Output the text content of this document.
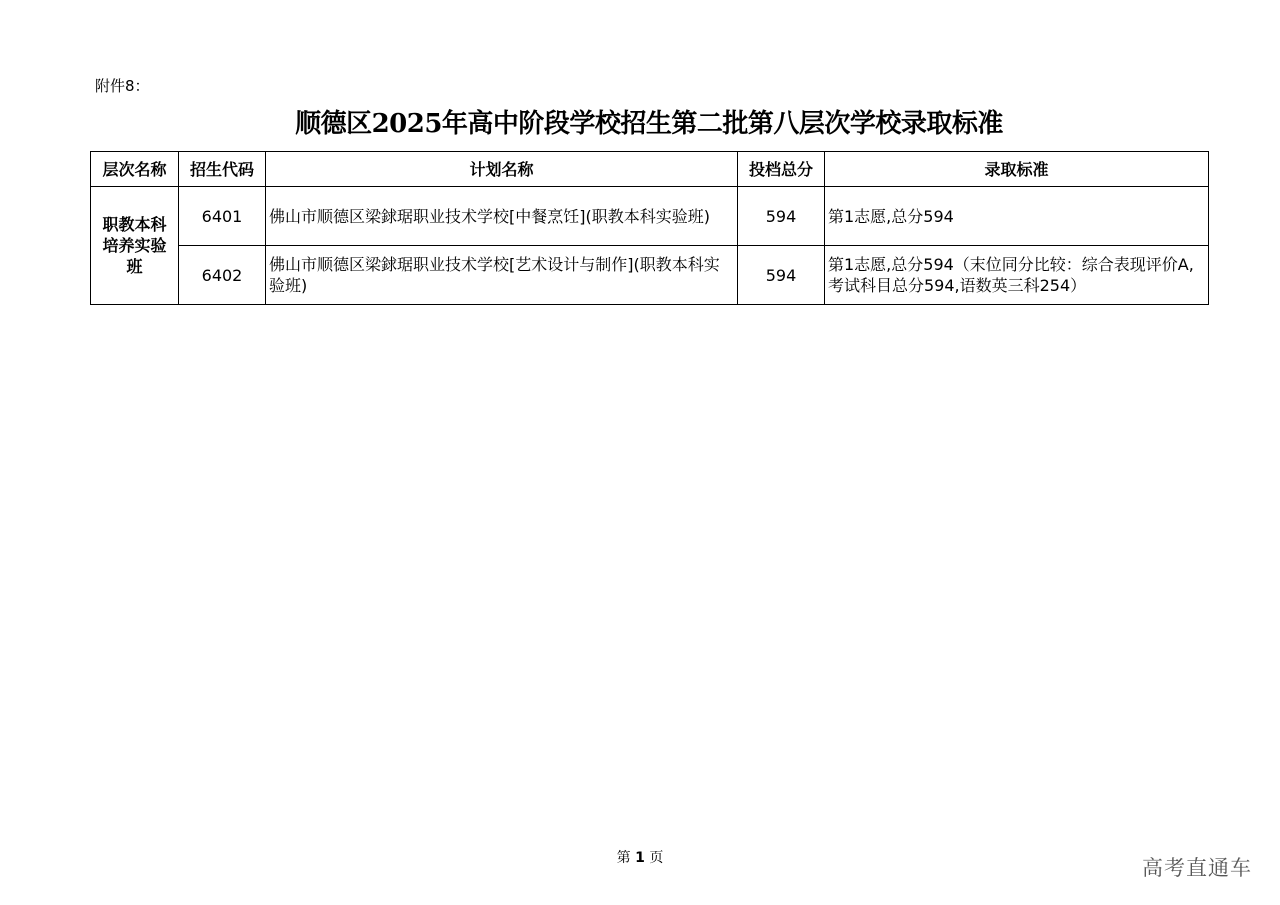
附件8：
顺德区2025年高中阶段学校招生第二批第八层次学校录取标准
层次名称	招生代码	计划名称	投档总分	录取标准
职教本科培养实验班	6401	佛山市顺德区梁銶琚职业技术学校[中餐烹饪](职教本科实验班)	594	第1志愿,总分594
	6402	佛山市顺德区梁銶琚职业技术学校[艺术设计与制作](职教本科实验班)	594	第1志愿,总分594（末位同分比较：综合表现评价A,考试科目总分594,语数英三科254）
第 1 页	高考直通车
